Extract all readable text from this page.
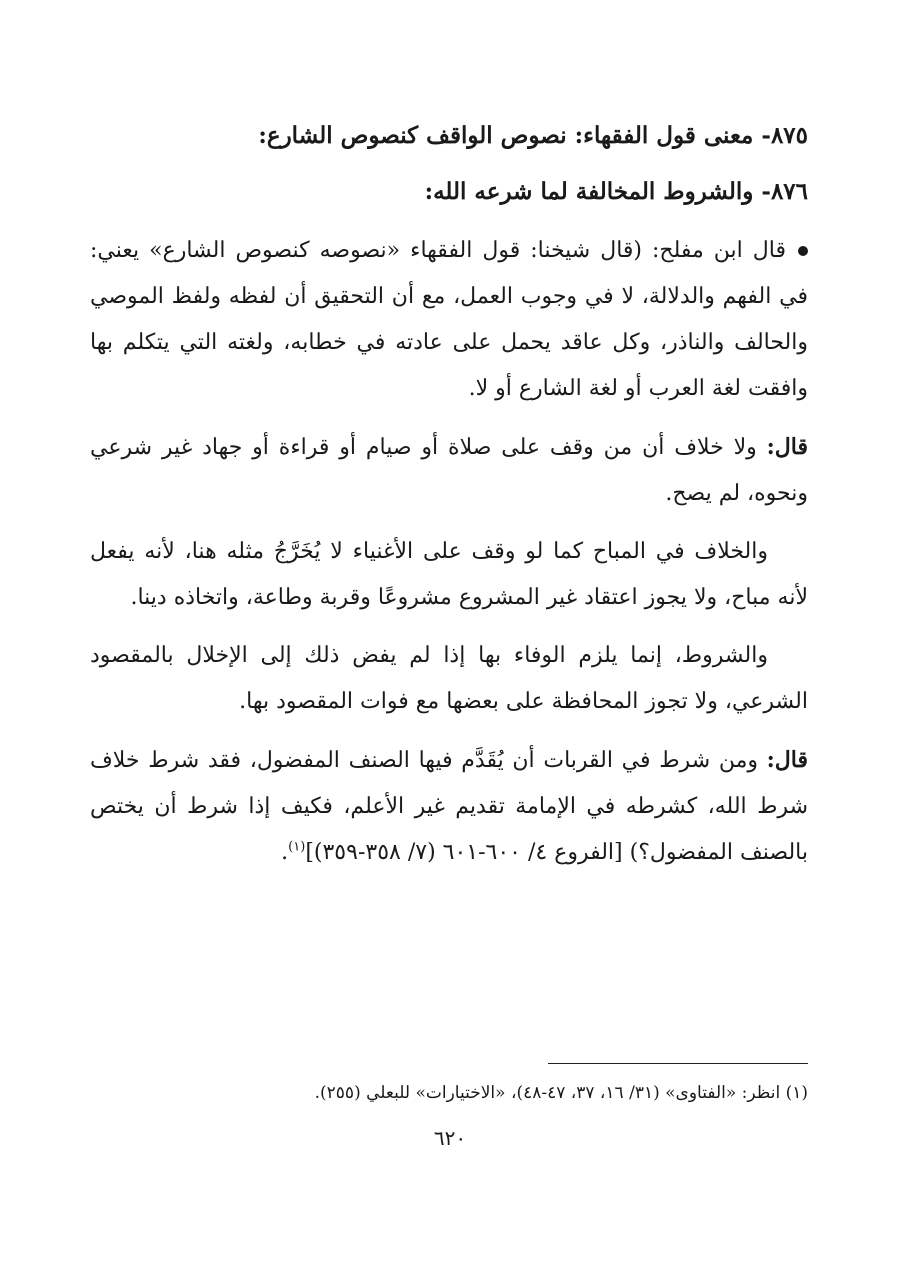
٨٧٥- معنى قول الفقهاء: نصوص الواقف كنصوص الشارع:

٨٧٦- والشروط المخالفة لما شرعه الله:

قال ابن مفلح: (قال شيخنا: قول الفقهاء «نصوصه كنصوص الشارع» يعني: في الفهم والدلالة، لا في وجوب العمل، مع أن التحقيق أن لفظه ولفظ الموصي والحالف والناذر، وكل عاقد يحمل على عادته في خطابه، ولغته التي يتكلم بها وافقت لغة العرب أو لغة الشارع أو لا.

قال: ولا خلاف أن من وقف على صلاة أو صيام أو قراءة أو جهاد غير شرعي ونحوه، لم يصح.

والخلاف في المباح كما لو وقف على الأغنياء لا يُخَرَّجُ مثله هنا، لأنه يفعل لأنه مباح، ولا يجوز اعتقاد غير المشروع مشروعًا وقربة وطاعة، واتخاذه دينا.

والشروط، إنما يلزم الوفاء بها إذا لم يفض ذلك إلى الإخلال بالمقصود الشرعي، ولا تجوز المحافظة على بعضها مع فوات المقصود بها.

قال: ومن شرط في القربات أن يُقَدَّم فيها الصنف المفضول، فقد شرط خلاف شرط الله، كشرطه في الإمامة تقديم غير الأعلم، فكيف إذا شرط أن يختص بالصنف المفضول؟) [الفروع ٤/ ٦٠٠-٦٠١ (٧/ ٣٥٨-٣٥٩)]$^{(١)}$.

(١) انظر: «الفتاوى» (٣١/ ١٦، ٣٧، ٤٧-٤٨)، «الاختيارات» للبعلي (٢٥٥).
٦٢٠
